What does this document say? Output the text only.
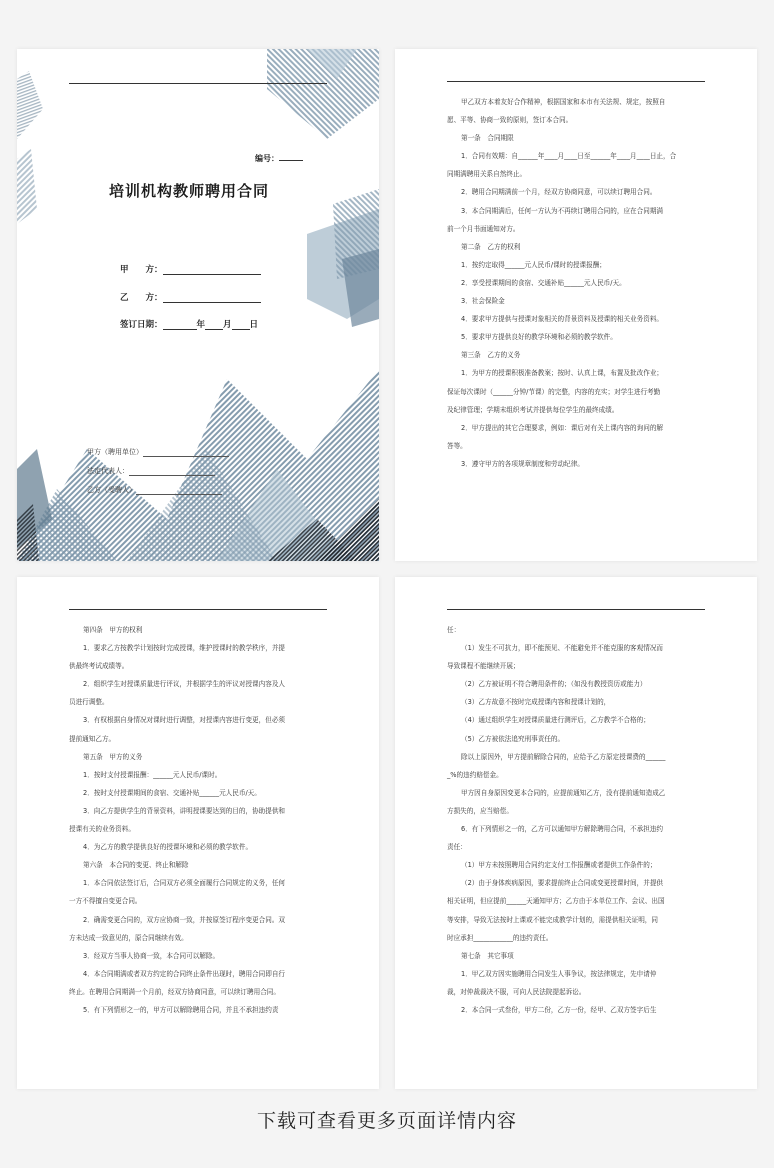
编号：
培训机构教师聘用合同
甲　　方：
乙　　方：
签订日期：	年 月 日
甲方（聘用单位）
法定代表人：
乙方（受聘人）

甲乙双方本着友好合作精神，根据国家和本市有关法规、规定，按照自

愿、平等、协商一致的原则，签订本合同。

第一条　合同期限

1．合同有效期：自______年____月____日至______年____月____日止，合

同期满聘用关系自然终止。

2．聘用合同期满前一个月，经双方协商同意，可以续订聘用合同。

3．本合同期满后，任何一方认为不再续订聘用合同的，应在合同期满

前一个月书面通知对方。

第二条　乙方的权利

1．按约定取得______元人民币/课时的授课报酬；

2．享受授课期间的食宿、交通补贴______元人民币/天。

3．社会保险金

4．要求甲方提供与授课对象相关的背景资料及授课的相关业务资料。

5．要求甲方提供良好的教学环境和必须的教学软件。

第三条　乙方的义务

1．为甲方的授课积极准备教案；按时、认真上课，布置及批改作业；

保证每次课时（______分钟/节课）的完整，内容的充实；对学生进行考勤

及纪律管理；学期末组织考试并提供每位学生的最终成绩。

2．甲方提出的其它合理要求，例如：课后对有关上课内容的询问的解

答等。

3．遵守甲方的各项规章制度和劳动纪律。

第四条　甲方的权利

1．要求乙方按教学计划按时完成授课，维护授课时的教学秩序，并提

供最终考试成绩等。

2．组织学生对授课质量进行评议，并根据学生的评议对授课内容及人

员进行调整。

3．有权根据自身情况对课时进行调整，对授课内容进行变更，但必须

提前通知乙方。

第五条　甲方的义务

1．按时支付授课报酬：______元人民币/课时。

2．按时支付授课期间的食宿、交通补贴______元人民币/天。

3．向乙方提供学生的背景资料，讲明授课要达到的目的，协助提供和

授课有关的业务资料。

4．为乙方的教学提供良好的授课环境和必须的教学软件。

第六条　本合同的变更、终止和解除

1．本合同依法签订后，合同双方必须全面履行合同规定的义务，任何

一方不得擅自变更合同。

2．确需变更合同的，双方应协商一致，并按原签订程序变更合同。双

方未达成一致意见的，原合同继续有效。

3．经双方当事人协商一致，本合同可以解除。

4．本合同期满或者双方约定的合同终止条件出现时，聘用合同即自行

终止。在聘用合同期满一个月前，经双方协商同意，可以续订聘用合同。

5．有下列情形之一的，甲方可以解除聘用合同，并且不承担违约责

任：

（1）发生不可抗力，即不能预见、不能避免并不能克服的客观情况而

导致课程不能继续开展；

（2）乙方被证明不符合聘用条件的；（如没有教授资历或能力）

（3）乙方故意不按时完成授课内容和授课计划的，

（4）通过组织学生对授课质量进行测评后，乙方教学不合格的；

（5）乙方被依法追究刑事责任的。

除以上原因外，甲方提前解除合同的，应给予乙方原定授课费的______

_%的违约赔偿金。

甲方因自身原因变更本合同的，应提前通知乙方，没有提前通知造成乙

方损失的，应当赔偿。

6．有下列情形之一的，乙方可以通知甲方解除聘用合同，不承担违约

责任：

（1）甲方未按照聘用合同约定支付工作报酬或者提供工作条件的；

（2）由于身体疾病原因，要求提前终止合同或变更授课时间，并提供

相关证明，但应提前______天通知甲方；乙方由于本单位工作、会议、出国

等安排，导致无法按时上课或不能完成教学计划的，需提供相关证明，同

时应承担____________的违约责任。

第七条　其它事项

1．甲乙双方因实施聘用合同发生人事争议，按法律规定，先申请仲

裁，对仲裁裁决不服，可向人民法院提起诉讼。

2．本合同一式叁份，甲方二份，乙方一份，经甲、乙双方签字后生

下载可查看更多页面详情内容
